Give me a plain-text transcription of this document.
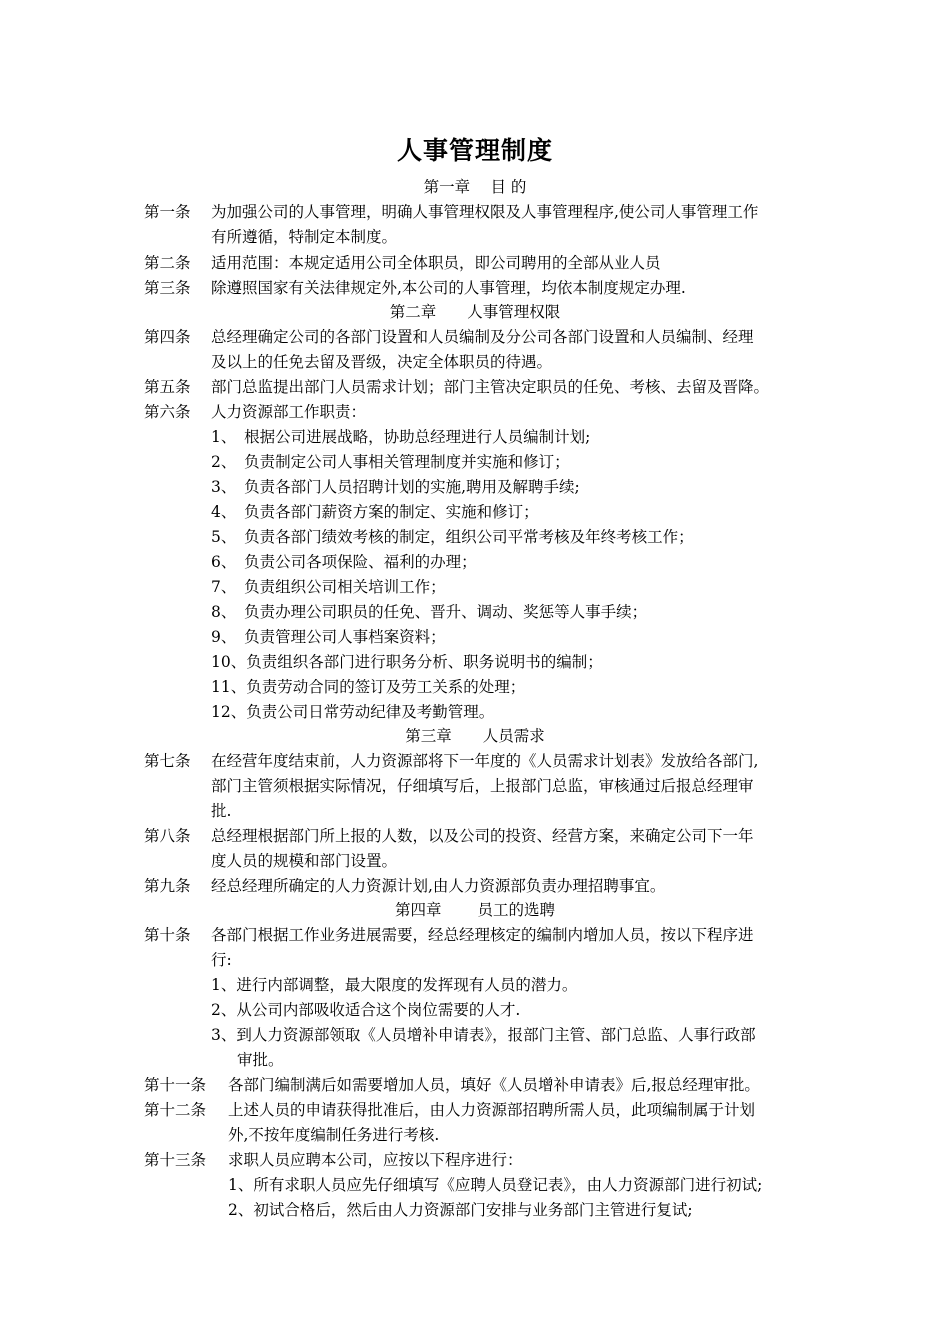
人事管理制度
第一章　 目 的
第一条 为加强公司的人事管理，明确人事管理权限及人事管理程序,使公司人事管理工作
有所遵循，特制定本制度。
第二条 适用范围：本规定适用公司全体职员，即公司聘用的全部从业人员
第三条 除遵照国家有关法律规定外,本公司的人事管理，均依本制度规定办理.
第二章　　人事管理权限
第四条 总经理确定公司的各部门设置和人员编制及分公司各部门设置和人员编制、经理
及以上的任免去留及晋级，决定全体职员的待遇。
第五条 部门总监提出部门人员需求计划；部门主管决定职员的任免、考核、去留及晋降。
第六条 人力资源部工作职责：
1、　根据公司进展战略，协助总经理进行人员编制计划;
2、　负责制定公司人事相关管理制度并实施和修订；
3、　负责各部门人员招聘计划的实施,聘用及解聘手续;
4、　负责各部门薪资方案的制定、实施和修订；
5、　负责各部门绩效考核的制定，组织公司平常考核及年终考核工作；
6、　负责公司各项保险、福利的办理；
7、　负责组织公司相关培训工作；
8、　负责办理公司职员的任免、晋升、调动、奖惩等人事手续；
9、　负责管理公司人事档案资料；
10、负责组织各部门进行职务分析、职务说明书的编制；
11、负责劳动合同的签订及劳工关系的处理；
12、负责公司日常劳动纪律及考勤管理。
第三章　　人员需求
第七条 在经营年度结束前，人力资源部将下一年度的《人员需求计划表》发放给各部门,
部门主管须根据实际情况，仔细填写后，上报部门总监，审核通过后报总经理审
批.
第八条 总经理根据部门所上报的人数，以及公司的投资、经营方案，来确定公司下一年
度人员的规模和部门设置。
第九条 经总经理所确定的人力资源计划,由人力资源部负责办理招聘事宜。
第四章　　 员工的选聘
第十条 各部门根据工作业务进展需要，经总经理核定的编制内增加人员，按以下程序进
行:
1、进行内部调整，最大限度的发挥现有人员的潜力。
2、从公司内部吸收适合这个岗位需要的人才.
3、到人力资源部领取《人员增补申请表》，报部门主管、部门总监、人事行政部
审批。
第十一条 各部门编制满后如需要增加人员，填好《人员增补申请表》后,报总经理审批。
第十二条 上述人员的申请获得批准后，由人力资源部招聘所需人员，此项编制属于计划
外,不按年度编制任务进行考核.
第十三条 求职人员应聘本公司，应按以下程序进行：
1、所有求职人员应先仔细填写《应聘人员登记表》，由人力资源部门进行初试;
2、初试合格后，然后由人力资源部门安排与业务部门主管进行复试;
